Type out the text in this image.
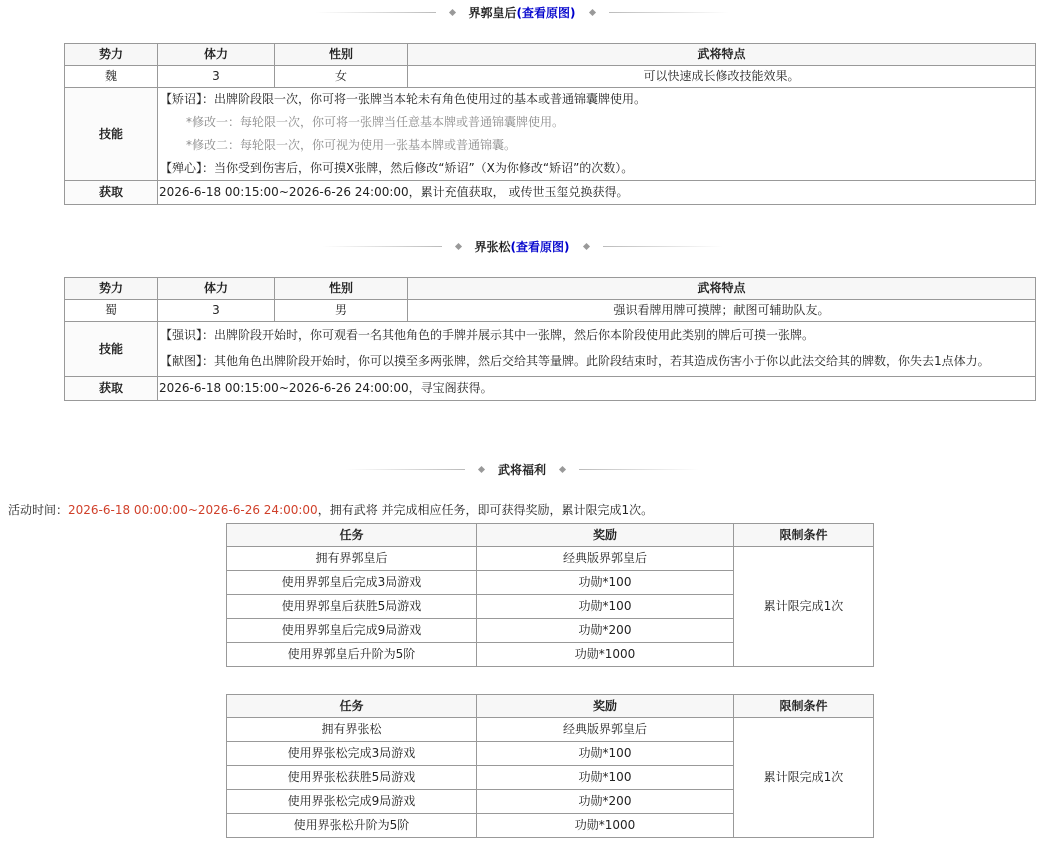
界郭皇后(查看原图)
势力	体力	性别	武将特点
魏	3	女	可以快速成长修改技能效果。
技能	【矫诏】：出牌阶段限一次，你可将一张牌当本轮未有角色使用过的基本或普通锦囊牌使用。
*修改一：每轮限一次，你可将一张牌当任意基本牌或普通锦囊牌使用。
*修改二：每轮限一次，你可视为使用一张基本牌或普通锦囊。
【殚心】：当你受到伤害后，你可摸X张牌，然后修改“矫诏”（X为你修改“矫诏”的次数）。		

获取	2026-6-18 00:15:00~2026-6-26 24:00:00，累计充值获取， 或传世玉玺兑换获得。		
界张松(查看原图)
势力	体力	性别	武将特点
蜀	3	男	强识看牌用牌可摸牌；献图可辅助队友。
技能	【强识】：出牌阶段开始时，你可观看一名其他角色的手牌并展示其中一张牌，然后你本阶段使用此类别的牌后可摸一张牌。
【献图】：其他角色出牌阶段开始时，你可以摸至多两张牌，然后交给其等量牌。此阶段结束时，若其造成伤害小于你以此法交给其的牌数，你失去1点体力。		

获取	2026-6-18 00:15:00~2026-6-26 24:00:00，寻宝阁获得。		
武将福利
活动时间：2026-6-18 00:00:00~2026-6-26 24:00:00，拥有武将 并完成相应任务，即可获得奖励，累计限完成1次。
任务	奖励	限制条件
拥有界郭皇后	经典版界郭皇后	累计限完成1次
使用界郭皇后完成3局游戏	功勋*100	
使用界郭皇后获胜5局游戏	功勋*100	
使用界郭皇后完成9局游戏	功勋*200	
使用界郭皇后升阶为5阶	功勋*1000	
任务	奖励	限制条件
拥有界张松	经典版界郭皇后	累计限完成1次
使用界张松完成3局游戏	功勋*100	
使用界张松获胜5局游戏	功勋*100	
使用界张松完成9局游戏	功勋*200	
使用界张松升阶为5阶	功勋*1000	
